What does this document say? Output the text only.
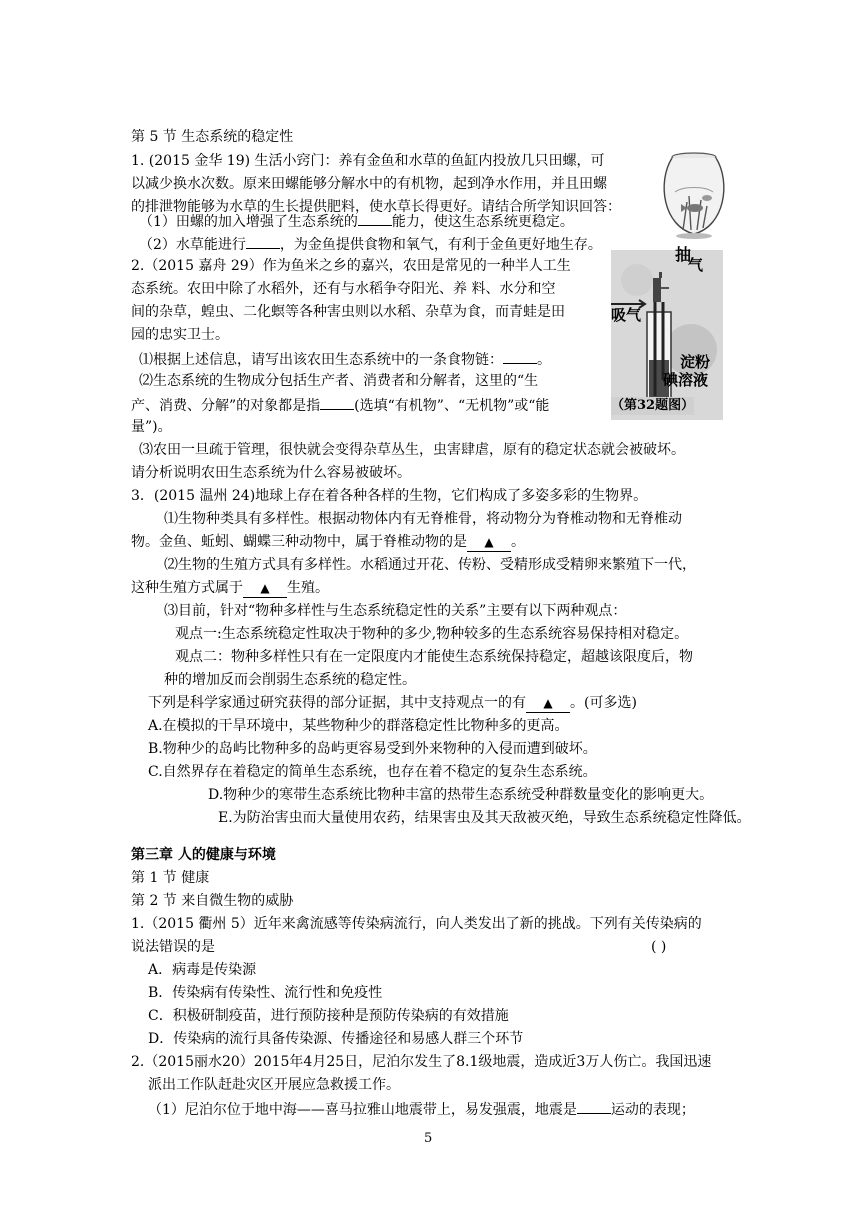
抽
气
吸气
淀粉
碘溶液
（第32题图）
第 5 节 生态系统的稳定性
1. (2015 金华 19) 生活小窍门：养有金鱼和水草的鱼缸内投放几只田螺，可
以减少换水次数。原来田螺能够分解水中的有机物，起到净水作用，并且田螺
的排泄物能够为水草的生长提供肥料，使水草长得更好。请结合所学知识回答：
（1）田螺的加入增强了生态系统的 能力，使这生态系统更稳定。
（2）水草能进行 ，为金鱼提供食物和氧气，有利于金鱼更好地生存。
2.（2015 嘉舟 29）作为鱼米之乡的嘉兴，农田是常见的一种半人工生
态系统。农田中除了水稻外，还有与水稻争夺阳光、养 料、水分和空
间的杂草，蝗虫、二化螟等各种害虫则以水稻、杂草为食，而青蛙是田
园的忠实卫士。
⑴根据上述信息，请写出该农田生态系统中的一条食物链： 。
⑵生态系统的生物成分包括生产者、消费者和分解者，这里的“生
产、消费、分解”的对象都是指 (选填“有机物”、“无机物”或“能
量”)。
⑶农田一旦疏于管理，很快就会变得杂草丛生，虫害肆虐，原有的稳定状态就会被破坏。
请分析说明农田生态系统为什么容易被破坏。
3．(2015 温州 24)地球上存在着各种各样的生物，它们构成了多姿多彩的生物界。
⑴生物种类具有多样性。根据动物体内有无脊椎骨，将动物分为脊椎动物和无脊椎动
物。金鱼、蚯蚓、蝴蝶三种动物中，属于脊椎动物的是 ▲ 。
⑵生物的生殖方式具有多样性。水稻通过开花、传粉、受精形成受精卵来繁殖下一代，
这种生殖方式属于 ▲ 生殖。
⑶目前，针对“物种多样性与生态系统稳定性的关系”主要有以下两种观点：
观点一:生态系统稳定性取决于物种的多少,物种较多的生态系统容易保持相对稳定。
观点二：物种多样性只有在一定限度内才能使生态系统保持稳定，超越该限度后，物
种的增加反而会削弱生态系统的稳定性。
下列是科学家通过研究获得的部分证据，其中支持观点一的有 ▲ 。(可多选)
A.在模拟的干旱环境中，某些物种少的群落稳定性比物种多的更高。
B.物种少的岛屿比物种多的岛屿更容易受到外来物种的入侵而遭到破坏。
C.自然界存在着稳定的简单生态系统，也存在着不稳定的复杂生态系统。
D.物种少的寒带生态系统比物种丰富的热带生态系统受种群数量变化的影响更大。
E.为防治害虫而大量使用农药，结果害虫及其天敌被灭绝，导致生态系统稳定性降低。
第三章 人的健康与环境
第 1 节 健康
第 2 节 来自微生物的威胁
1.（2015 衢州 5）近年来禽流感等传染病流行，向人类发出了新的挑战。下列有关传染病的
说法错误的是	( )
A．病毒是传染源
B．传染病有传染性、流行性和免疫性
C．积极研制疫苗，进行预防接种是预防传染病的有效措施
D．传染病的流行具备传染源、传播途径和易感人群三个环节
2.（2015丽水20）2015年4月25日，尼泊尔发生了8.1级地震，造成近3万人伤亡。我国迅速
派出工作队赶赴灾区开展应急救援工作。
（1）尼泊尔位于地中海——喜马拉雅山地震带上，易发强震，地震是 运动的表现；
5
